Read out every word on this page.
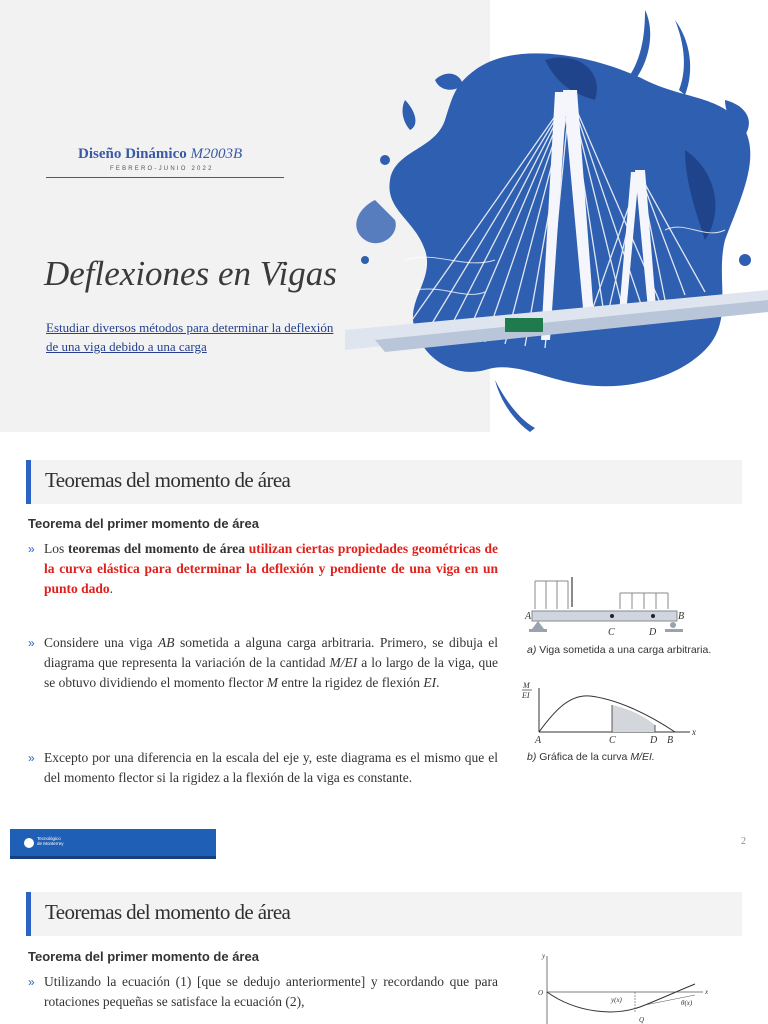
Diseño Dinámico M2003B
FEBRERO-JUNIO 2022
Deflexiones en Vigas
Estudiar diversos métodos para determinar la deflexión de una viga debido a una carga
Teoremas del momento de área
Teorema del primer momento de área
» Los teoremas del momento de área utilizan ciertas propiedades geométricas de la curva elástica para determinar la deflexión y pendiente de una viga en un punto dado.
» Considere una viga AB sometida a alguna carga arbitraria. Primero, se dibuja el diagrama que representa la variación de la cantidad M/EI a lo largo de la viga, que se obtuvo dividiendo el momento flector M entre la rigidez de flexión EI.
» Excepto por una diferencia en la escala del eje y, este diagrama es el mismo que el del momento flector si la rigidez a la flexión de la viga es constante.
A	B
C	D
a) Viga sometida a una carga arbitraria.
M
EI
x
A	C	D B
b) Gráfica de la curva M/EI.
Tecnológico
de Monterrey	2
Teoremas del momento de área
Teorema del primer momento de área
» Utilizando la ecuación (1) [que se dedujo anteriormente] y recordando que para rotaciones pequeñas se satisface la ecuación (2),
y
x
O
y(x)
Q
θ(x)
